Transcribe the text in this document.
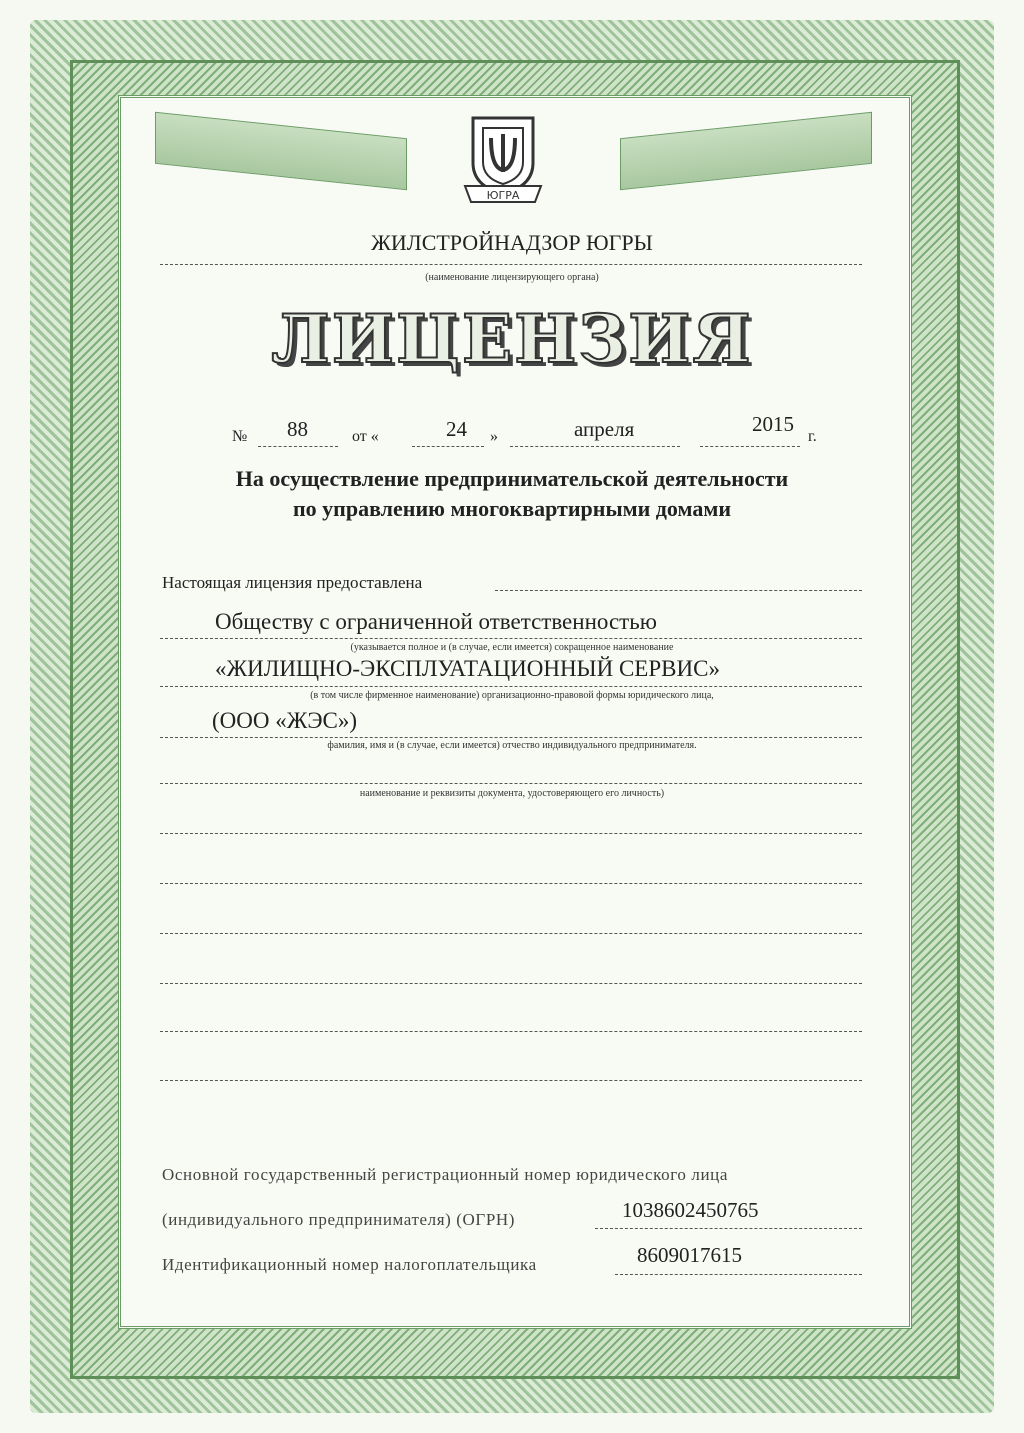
ЮГРА
ЖИЛСТРОЙНАДЗОР ЮГРЫ
(наименование лицензирующего органа)
ЛИЦЕНЗИЯ
№ 88	от «	24 »	апреля	2015
г.
На осуществление предпринимательской деятельности
по управлению многоквартирными домами
Настоящая лицензия предоставлена
Обществу с ограниченной ответственностью
(указывается полное и (в случае, если имеется) сокращенное наименование
«ЖИЛИЩНО-ЭКСПЛУАТАЦИОННЫЙ СЕРВИС»
(в том числе фирменное наименование) организационно-правовой формы юридического лица,
(ООО «ЖЭС»)
фамилия, имя и (в случае, если имеется) отчество индивидуального предпринимателя.
наименование и реквизиты документа, удостоверяющего его личность)
Основной государственный регистрационный номер юридического лица
(индивидуального предпринимателя) (ОГРН)	1038602450765
Идентификационный номер налогоплательщика	8609017615
